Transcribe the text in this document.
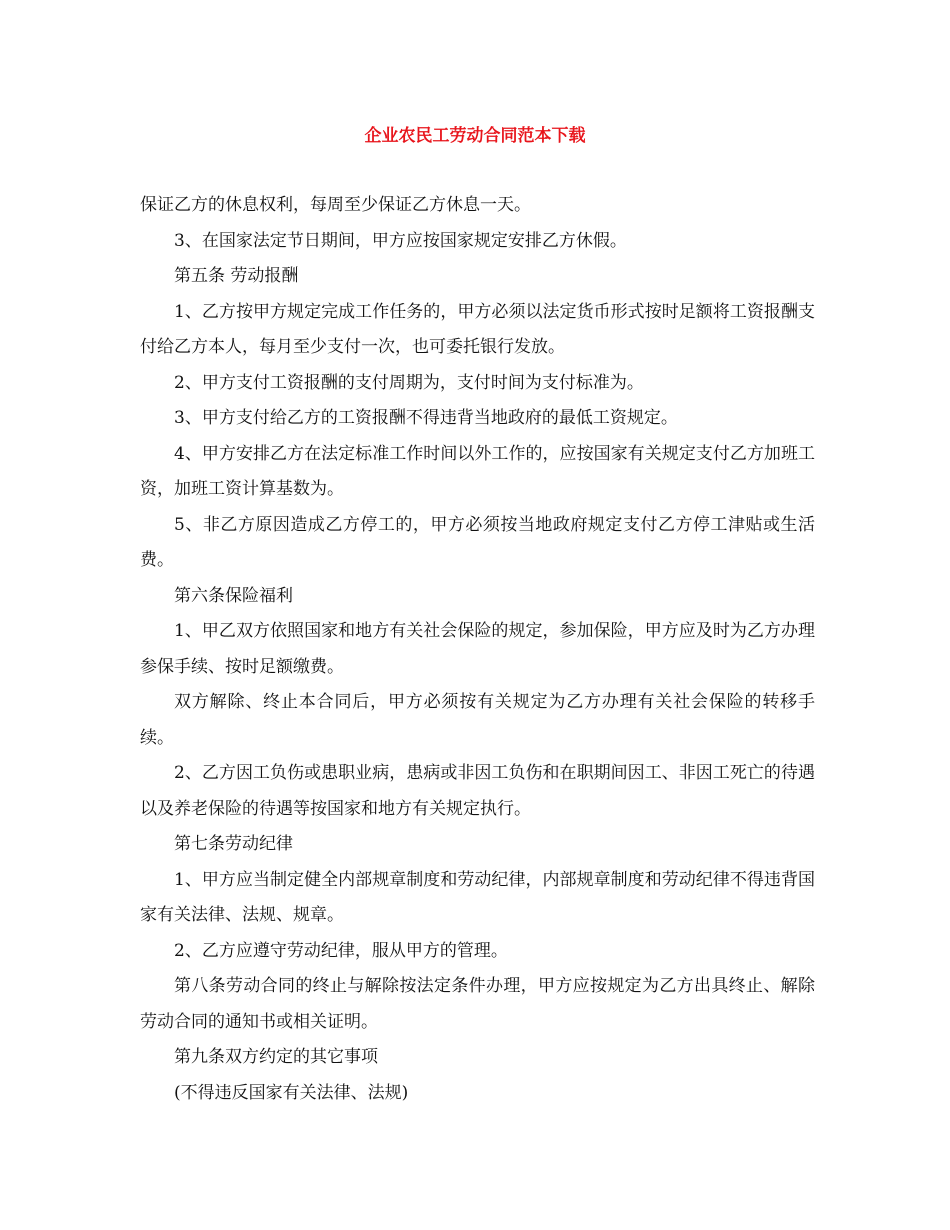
企业农民工劳动合同范本下载

保证乙方的休息权利，每周至少保证乙方休息一天。

3、在国家法定节日期间，甲方应按国家规定安排乙方休假。

第五条 劳动报酬

1、乙方按甲方规定完成工作任务的，甲方必须以法定货币形式按时足额将工资报酬支付给乙方本人，每月至少支付一次，也可委托银行发放。

2、甲方支付工资报酬的支付周期为，支付时间为支付标准为。

3、甲方支付给乙方的工资报酬不得违背当地政府的最低工资规定。

4、甲方安排乙方在法定标准工作时间以外工作的，应按国家有关规定支付乙方加班工资，加班工资计算基数为。

5、非乙方原因造成乙方停工的，甲方必须按当地政府规定支付乙方停工津贴或生活费。

第六条保险福利

1、甲乙双方依照国家和地方有关社会保险的规定，参加保险，甲方应及时为乙方办理参保手续、按时足额缴费。

双方解除、终止本合同后，甲方必须按有关规定为乙方办理有关社会保险的转移手续。

2、乙方因工负伤或患职业病，患病或非因工负伤和在职期间因工、非因工死亡的待遇以及养老保险的待遇等按国家和地方有关规定执行。

第七条劳动纪律

1、甲方应当制定健全内部规章制度和劳动纪律，内部规章制度和劳动纪律不得违背国家有关法律、法规、规章。

2、乙方应遵守劳动纪律，服从甲方的管理。

第八条劳动合同的终止与解除按法定条件办理，甲方应按规定为乙方出具终止、解除劳动合同的通知书或相关证明。

第九条双方约定的其它事项

(不得违反国家有关法律、法规)
